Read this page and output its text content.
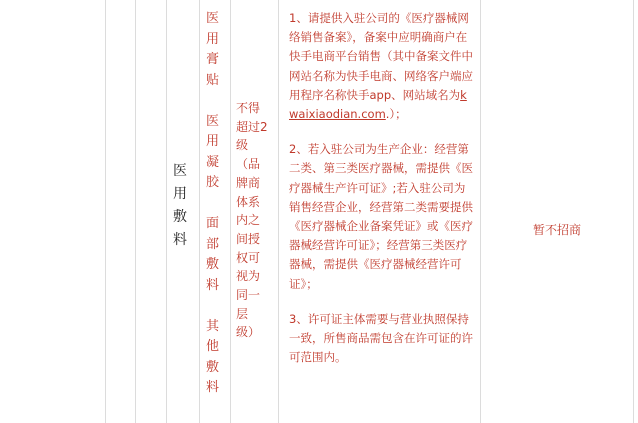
医
用
敷
料
医
用
膏
贴

医
用
凝
胶

面
部
敷
料

其
他
敷
料
不得
超过2
级
（品
牌商
体系
内之
间授
权可
视为
同一
层
级）

1、请提供入驻公司的《医疗器械网络销售备案》，备案中应明确商户在快手电商平台销售（其中备案文件中网站名称为快手电商、网络客户端应用程序名称快手app、网站域名为kwaixiaodian.com.）；

2、若入驻公司为生产企业：经营第二类、第三类医疗器械，需提供《医疗器械生产许可证》;若入驻公司为销售经营企业，经营第二类需要提供《医疗器械企业备案凭证》或《医疗器械经营许可证》；经营第三类医疗器械，需提供《医疗器械经营许可证》；

3、许可证主体需要与营业执照保持一致，所售商品需包含在许可证的许可范围内。

暂不招商
